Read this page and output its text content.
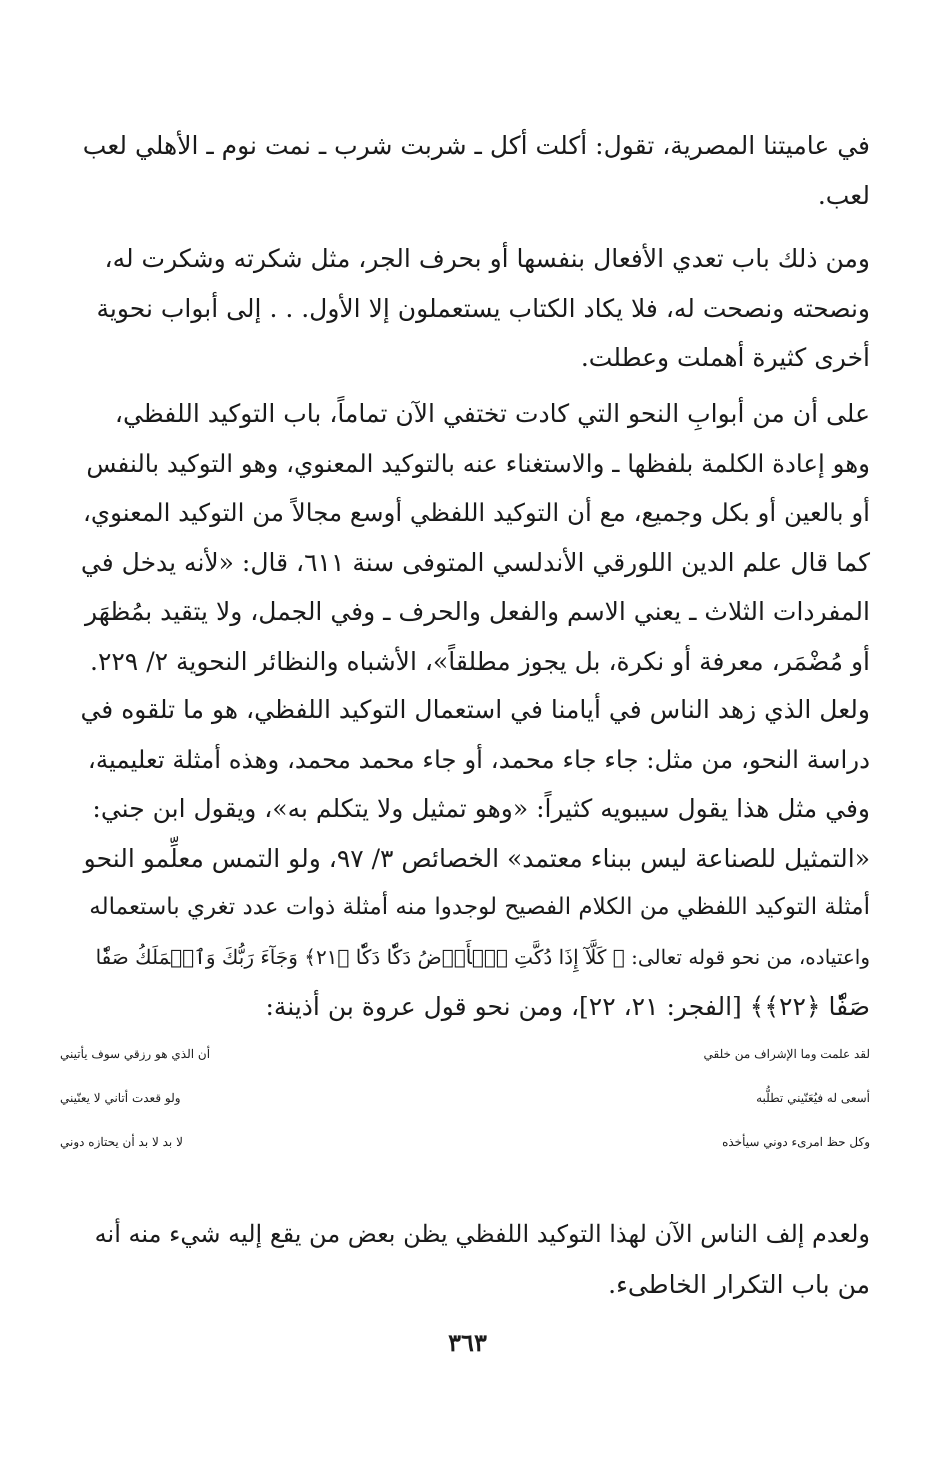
في عاميتنا المصرية، تقول: أكلت أكل ـ شربت شرب ـ نمت نوم ـ الأهلي لعب
لعب.
ومن ذلك باب تعدي الأفعال بنفسها أو بحرف الجر، مثل شكرته وشكرت له،
ونصحته ونصحت له، فلا يكاد الكتاب يستعملون إلا الأول. . . إلى أبواب نحوية
أخرى كثيرة أهملت وعطلت.
على أن من أبوابِ النحو التي كادت تختفي الآن تماماً، باب التوكيد اللفظي،
وهو إعادة الكلمة بلفظها ـ والاستغناء عنه بالتوكيد المعنوي، وهو التوكيد بالنفس
أو بالعين أو بكل وجميع، مع أن التوكيد اللفظي أوسع مجالاً من التوكيد المعنوي،
كما قال علم الدين اللورقي الأندلسي المتوفى سنة ٦١١، قال: «لأنه يدخل في
المفردات الثلاث ـ يعني الاسم والفعل والحرف ـ وفي الجمل، ولا يتقيد بمُظهَر
أو مُضْمَر، معرفة أو نكرة، بل يجوز مطلقاً»، الأشباه والنظائر النحوية ٢/ ٢٢٩.
ولعل الذي زهد الناس في أيامنا في استعمال التوكيد اللفظي، هو ما تلقوه في
دراسة النحو، من مثل: جاء جاء محمد، أو جاء محمد محمد، وهذه أمثلة تعليمية،
وفي مثل هذا يقول سيبويه كثيراً: «وهو تمثيل ولا يتكلم به»، ويقول ابن جني:
«التمثيل للصناعة ليس ببناء معتمد» الخصائص ٣/ ٩٧، ولو التمس معلِّمو النحو
أمثلة التوكيد اللفظي من الكلام الفصيح لوجدوا منه أمثلة ذوات عدد تغري باستعماله
واعتياده، من نحو قوله تعالى: ﴿ كَلَّآ إِذَا دُكَّتِ ٱلۡأَرۡضُ دَكّٗا دَكّٗا ﴿٢١﴾ وَجَآءَ رَبُّكَ وَٱلۡمَلَكُ صَفّٗا
صَفّٗا ﴿٢٢﴾﴾ [الفجر: ٢١، ٢٢]، ومن نحو قول عروة بن أذينة:
لقد علمت وما الإشراف من خلقي
أن الذي هو رزقي سوف يأتيني
أسعى له فيُعَنّيني تطلُّبه
ولو قعدت أتاني لا يعنّيني
وكل حظ امرىء دوني سيأخذه
لا بد لا بد أن يحتازه دوني
ولعدم إلف الناس الآن لهذا التوكيد اللفظي يظن بعض من يقع إليه شيء منه أنه
من باب التكرار الخاطىء.
٣٦٣
